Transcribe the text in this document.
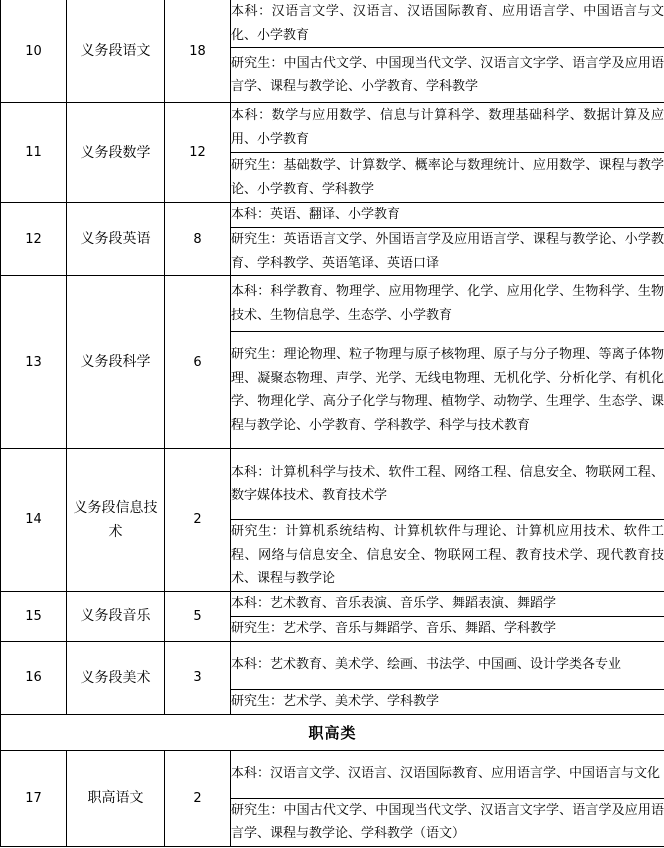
10	义务段语文	18	本科：汉语言文学、汉语言、汉语国际教育、应用语言学、中国语言与文化、小学教育
			研究生：中国古代文学、中国现当代文学、汉语言文字学、语言学及应用语言学、课程与教学论、小学教育、学科教学
11	义务段数学	12	本科：数学与应用数学、信息与计算科学、数理基础科学、数据计算及应用、小学教育
			研究生：基础数学、计算数学、概率论与数理统计、应用数学、课程与教学论、小学教育、学科教学
12	义务段英语	8	本科：英语、翻译、小学教育
			研究生：英语语言文学、外国语言学及应用语言学、课程与教学论、小学教育、学科教学、英语笔译、英语口译
13	义务段科学	6	本科：科学教育、物理学、应用物理学、化学、应用化学、生物科学、生物技术、生物信息学、生态学、小学教育
			研究生：理论物理、粒子物理与原子核物理、原子与分子物理、等离子体物理、凝聚态物理、声学、光学、无线电物理、无机化学、分析化学、有机化学、物理化学、高分子化学与物理、植物学、动物学、生理学、生态学、课程与教学论、小学教育、学科教学、科学与技术教育
14	义务段信息技术	2	本科：计算机科学与技术、软件工程、网络工程、信息安全、物联网工程、数字媒体技术、教育技术学
			研究生：计算机系统结构、计算机软件与理论、计算机应用技术、软件工程、网络与信息安全、信息安全、物联网工程、教育技术学、现代教育技术、课程与教学论
15	义务段音乐	5	本科：艺术教育、音乐表演、音乐学、舞蹈表演、舞蹈学
			研究生：艺术学、音乐与舞蹈学、音乐、舞蹈、学科教学
16	义务段美术	3	本科：艺术教育、美术学、绘画、书法学、中国画、设计学类各专业
			研究生：艺术学、美术学、学科教学
职高类			
17	职高语文	2	本科：汉语言文学、汉语言、汉语国际教育、应用语言学、中国语言与文化
			研究生：中国古代文学、中国现当代文学、汉语言文字学、语言学及应用语言学、课程与教学论、学科教学（语文）
